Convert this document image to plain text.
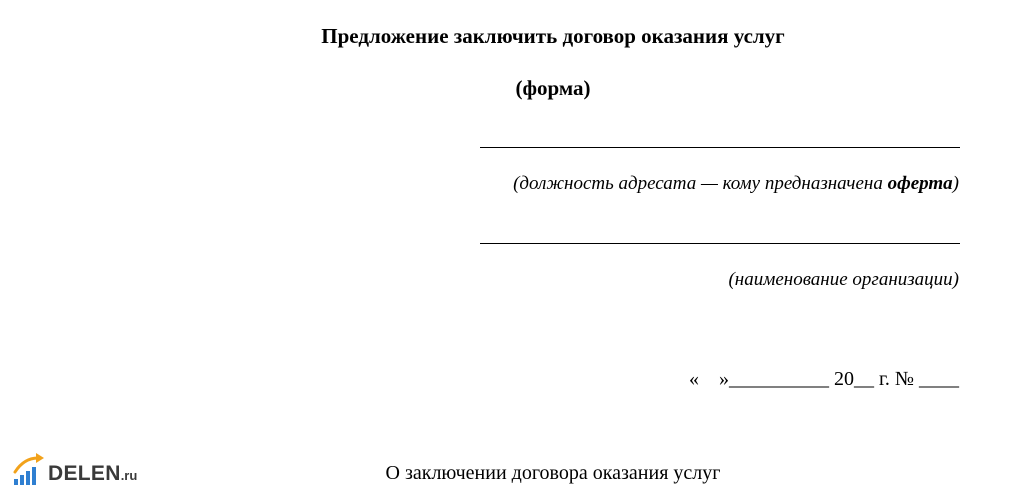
Предложение заключить договор оказания услуг
(форма)
(должность адресата — кому предназначена оферта)
(наименование организации)
«    »__________ 20__ г. № ____
О заключении договора оказания услуг
DELEN .ru
